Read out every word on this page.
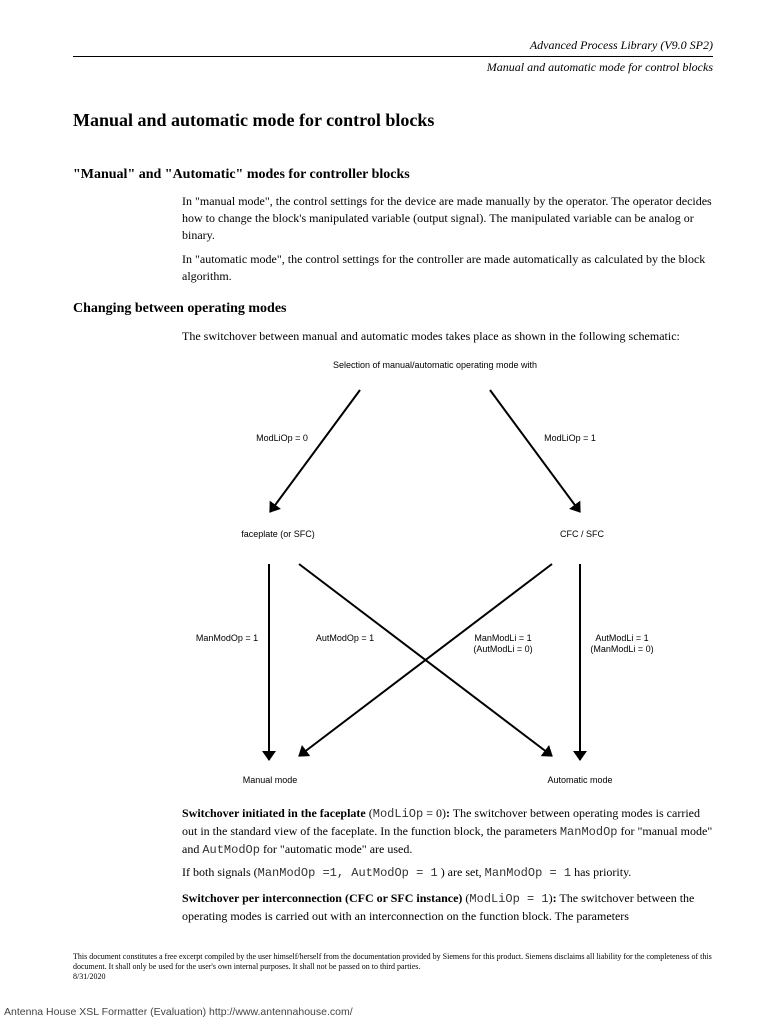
Advanced Process Library (V9.0 SP2)
Manual and automatic mode for control blocks
Manual and automatic mode for control blocks
"Manual" and "Automatic" modes for controller blocks
In "manual mode", the control settings for the device are made manually by the operator. The operator decides how to change the block's manipulated variable (output signal). The manipulated variable can be analog or binary.
In "automatic mode", the control settings for the controller are made automatically as calculated by the block algorithm.
Changing between operating modes
The switchover between manual and automatic modes takes place as shown in the following schematic:
Selection of manual/automatic operating mode with
ModLiOp = 0	ModLiOp = 1
faceplate (or SFC)	CFC / SFC
ManModOp = 1	AutModOp = 1	ManModLi = 1
(AutModLi = 0)
AutModLi = 1
(ManModLi = 0)
Manual mode	Automatic mode
Switchover initiated in the faceplate (ModLiOp = 0): The switchover between operating modes is carried out in the standard view of the faceplate. In the function block, the parameters ManModOp for "manual mode" and AutModOp for "automatic mode" are used.
If both signals (ManModOp =1, AutModOp = 1 ) are set, ManModOp = 1 has priority.
Switchover per interconnection (CFC or SFC instance) (ModLiOp = 1): The switchover between the operating modes is carried out with an interconnection on the function block. The parameters
This document constitutes a free excerpt compiled by the user himself/herself from the documentation provided by Siemens for this product. Siemens disclaims all liability for the completeness of this document. It shall only be used for the user's own internal purposes. It shall not be passed on to third parties.
8/31/2020
Antenna House XSL Formatter (Evaluation) http://www.antennahouse.com/
